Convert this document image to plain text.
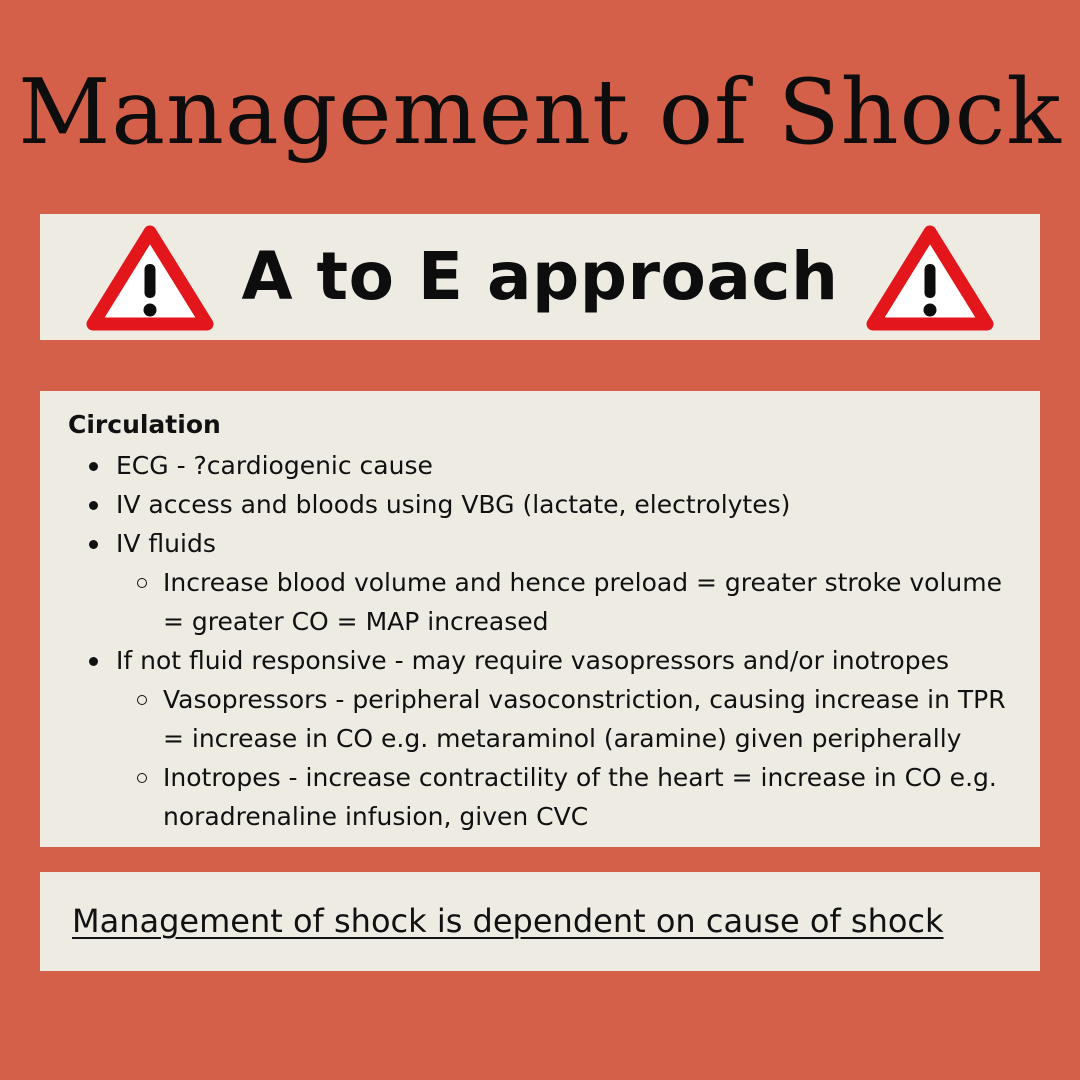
Management of Shock
A to E approach
Circulation
ECG - ?cardiogenic cause
IV access and bloods using VBG (lactate, electrolytes)
IV fluids
Increase blood volume and hence preload = greater stroke volume = greater CO = MAP increased
If not fluid responsive - may require vasopressors and/or inotropes
Vasopressors - peripheral vasoconstriction, causing increase in TPR = increase in CO e.g. metaraminol (aramine) given peripherally
Inotropes - increase contractility of the heart = increase in CO e.g. noradrenaline infusion, given CVC
Management of shock is dependent on cause of shock
